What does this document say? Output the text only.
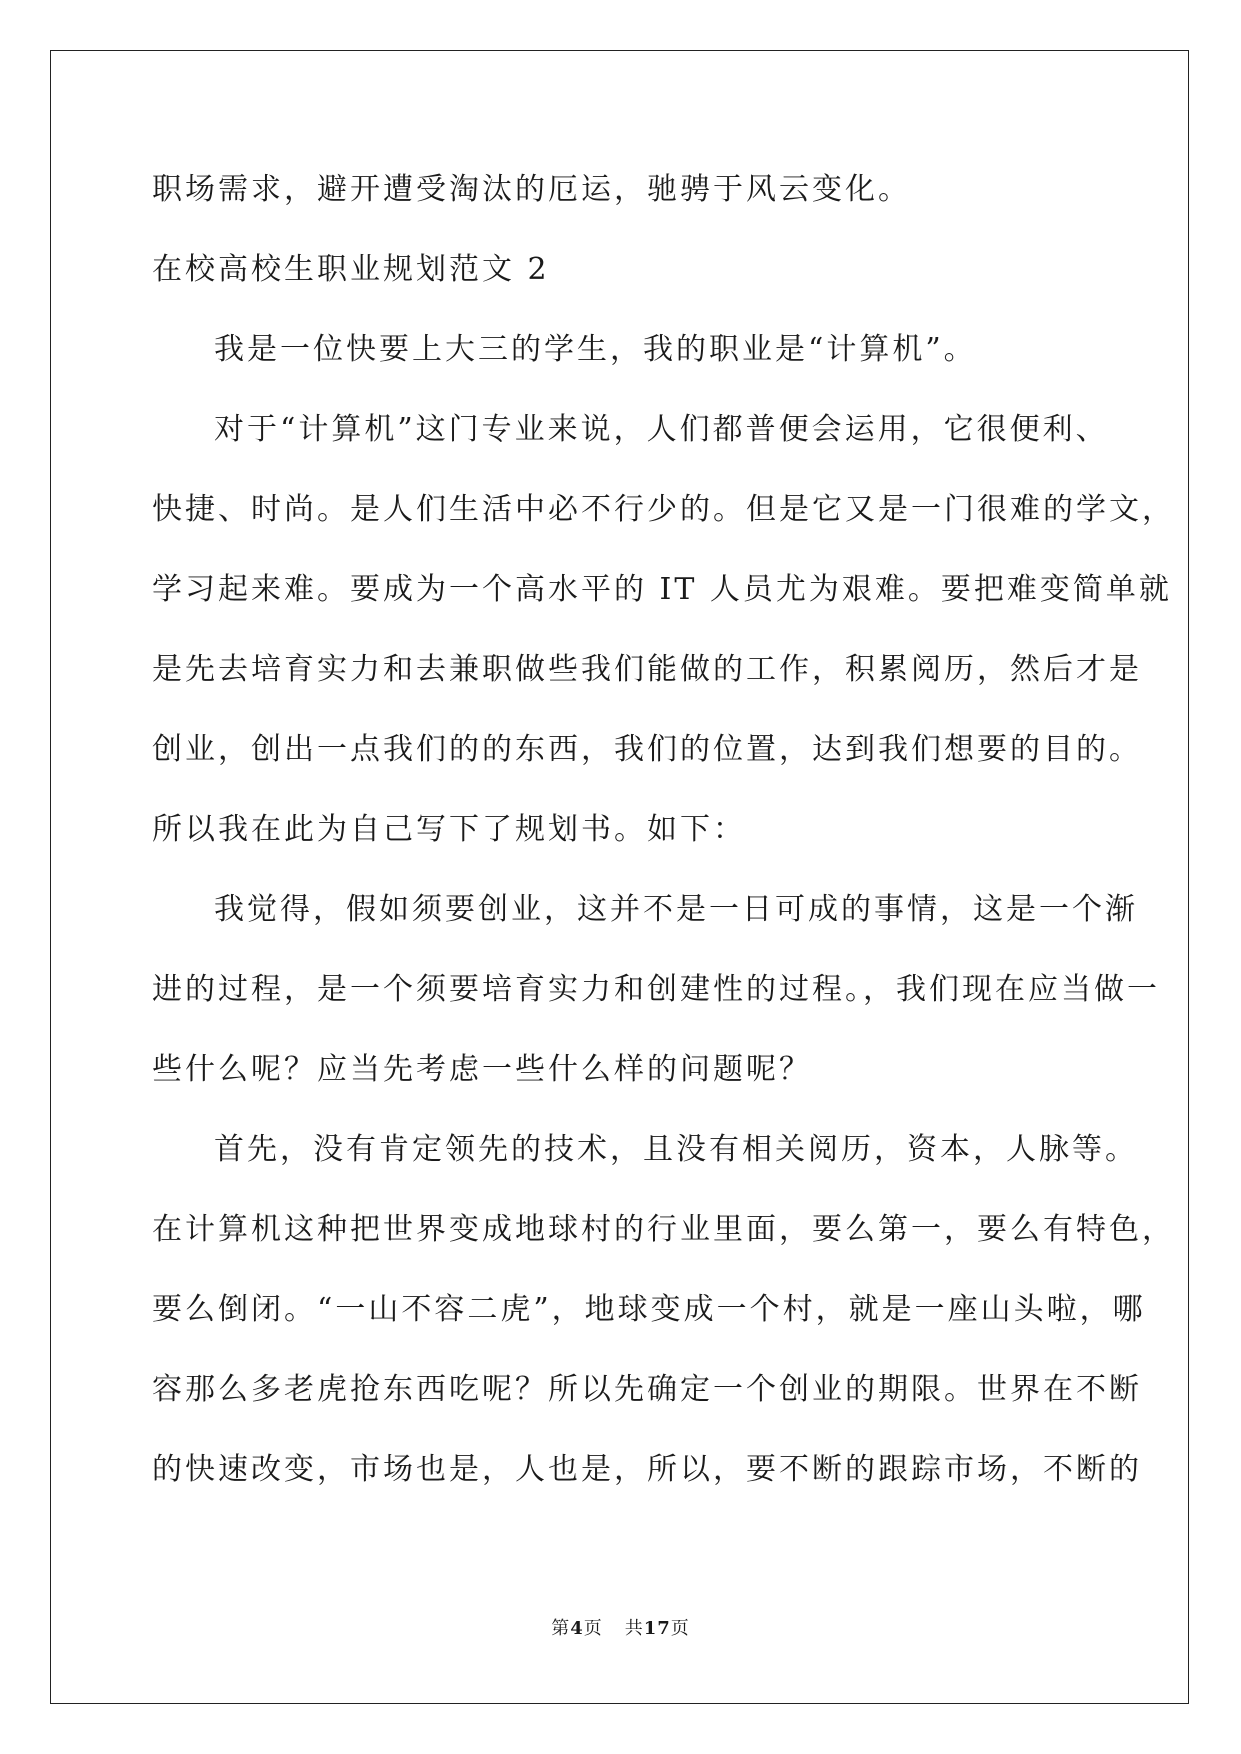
职场需求，避开遭受淘汰的厄运，驰骋于风云变化。
在校高校生职业规划范文 2
我是一位快要上大三的学生，我的职业是“计算机”。
对于“计算机”这门专业来说，人们都普便会运用，它很便利、
快捷、时尚。是人们生活中必不行少的。但是它又是一门很难的学文，
学习起来难。要成为一个高水平的 IT 人员尤为艰难。要把难变简单就
是先去培育实力和去兼职做些我们能做的工作，积累阅历，然后才是
创业，创出一点我们的的东西，我们的位置，达到我们想要的目的。
所以我在此为自己写下了规划书。如下：
我觉得，假如须要创业，这并不是一日可成的事情，这是一个渐
进的过程，是一个须要培育实力和创建性的过程。，我们现在应当做一
些什么呢？应当先考虑一些什么样的问题呢？
首先，没有肯定领先的技术，且没有相关阅历，资本，人脉等。
在计算机这种把世界变成地球村的行业里面，要么第一，要么有特色，
要么倒闭。“一山不容二虎”，地球变成一个村，就是一座山头啦，哪
容那么多老虎抢东西吃呢？所以先确定一个创业的期限。世界在不断
的快速改变，市场也是，人也是，所以，要不断的跟踪市场，不断的
第4页 共17页
